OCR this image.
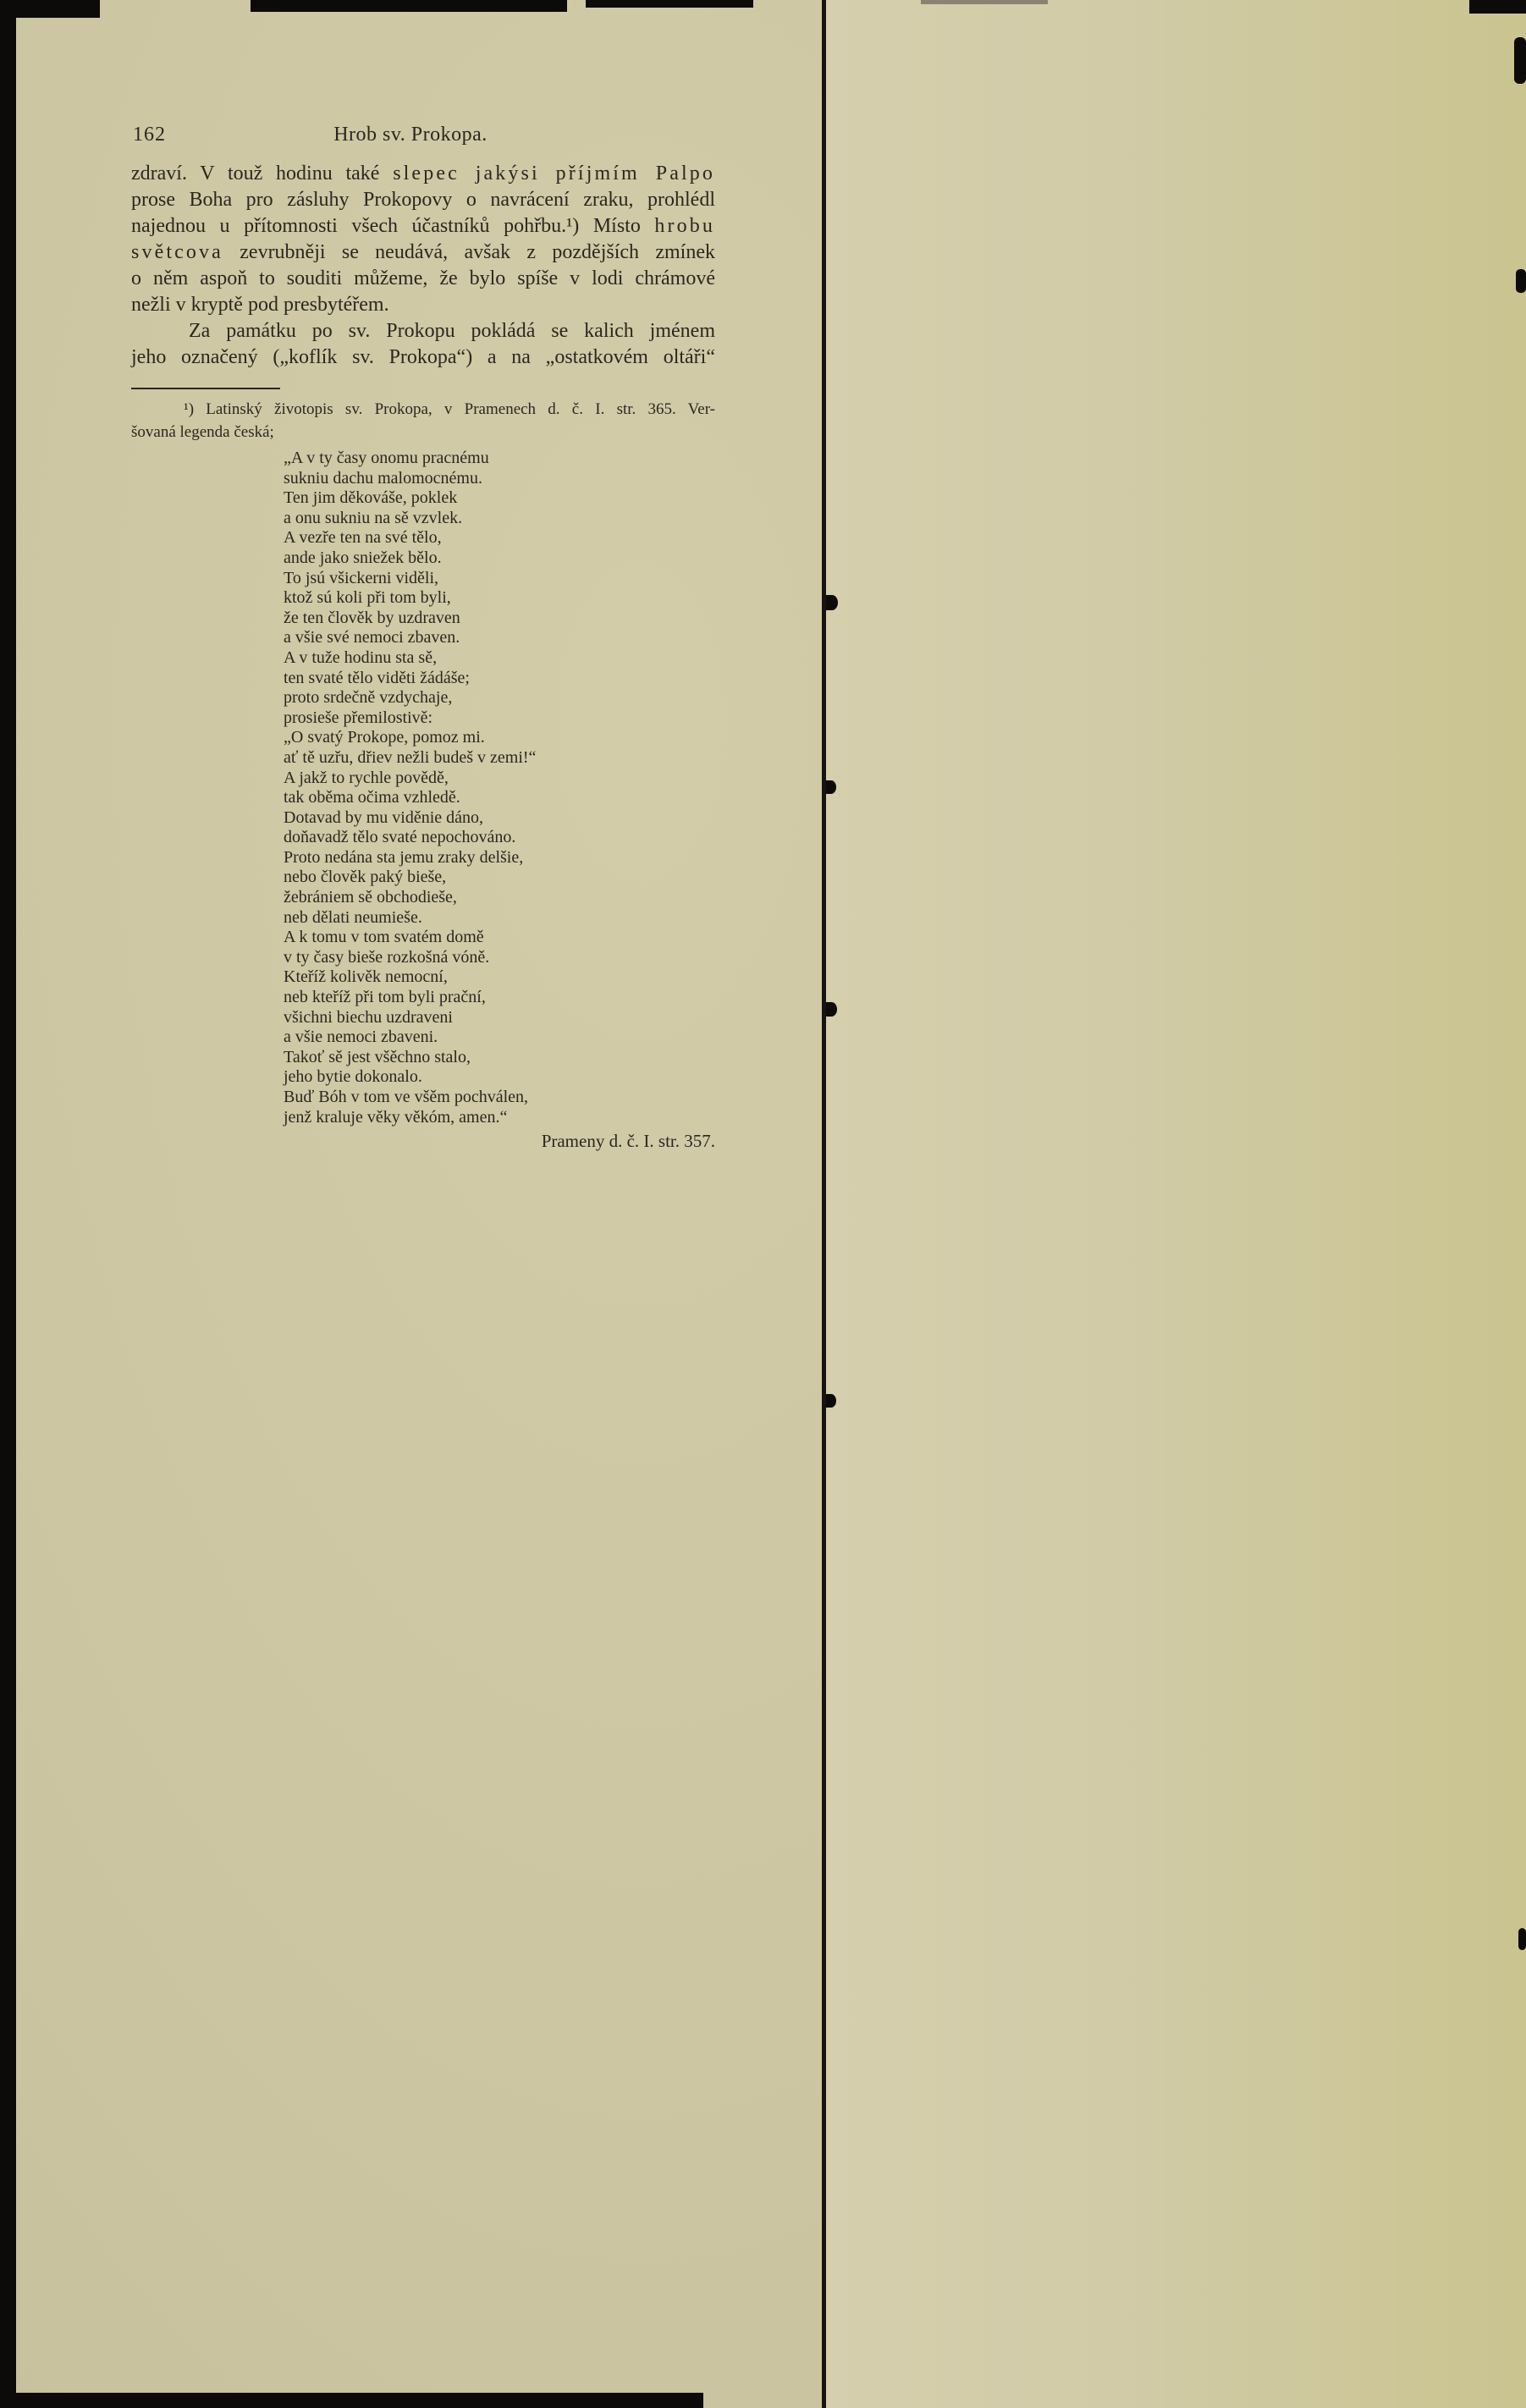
162	Hrob sv. Prokopa.
zdraví. V touž hodinu také slepec jakýsi příjmím Palpo
prose Boha pro zásluhy Prokopovy o navrácení zraku, prohlédl
najednou u přítomnosti všech účastníků pohřbu.¹) Místo hrobu
světcova zevrubněji se neudává, avšak z pozdějších zmínek
o něm aspoň to souditi můžeme, že bylo spíše v lodi chrámové
nežli v kryptě pod presbytéřem.
Za památku po sv. Prokopu pokládá se kalich jménem
jeho označený („koflík sv. Prokopa“) a na „ostatkovém oltáři“
¹) Latinský životopis sv. Prokopa, v Pramenech d. č. I. str. 365. Ver-
šovaná legenda česká;
„A v ty časy onomu pracnému
sukniu dachu malomocnému.
Ten jim děkováše, poklek
a onu sukniu na sě vzvlek.
A vezře ten na své tělo,
ande jako sniežek bělo.
To jsú všickerni viděli,
ktož sú koli při tom byli,
že ten člověk by uzdraven
a všie své nemoci zbaven.
A v tuže hodinu sta sě,
ten svaté tělo viděti žádáše;
proto srdečně vzdychaje,
prosieše přemilostivě:
„O svatý Prokope, pomoz mi.
ať tě uzřu, dřiev nežli budeš v zemi!“
A jakž to rychle povědě,
tak oběma očima vzhledě.
Dotavad by mu viděnie dáno,
doňavadž tělo svaté nepochováno.
Proto nedána sta jemu zraky delšie,
nebo člověk paký bieše,
žebrániem sě obchodieše,
neb dělati neumieše.
A k tomu v tom svatém domě
v ty časy bieše rozkošná vóně.
Kteříž kolivěk nemocní,
neb kteříž při tom byli prační,
všichni biechu uzdraveni
a všie nemoci zbaveni.
Takoť sě jest všěchno stalo,
jeho bytie dokonalo.
Buď Bóh v tom ve všěm pochválen,
jenž kraluje věky věkóm, amen.“
Prameny d. č. I. str. 357.
